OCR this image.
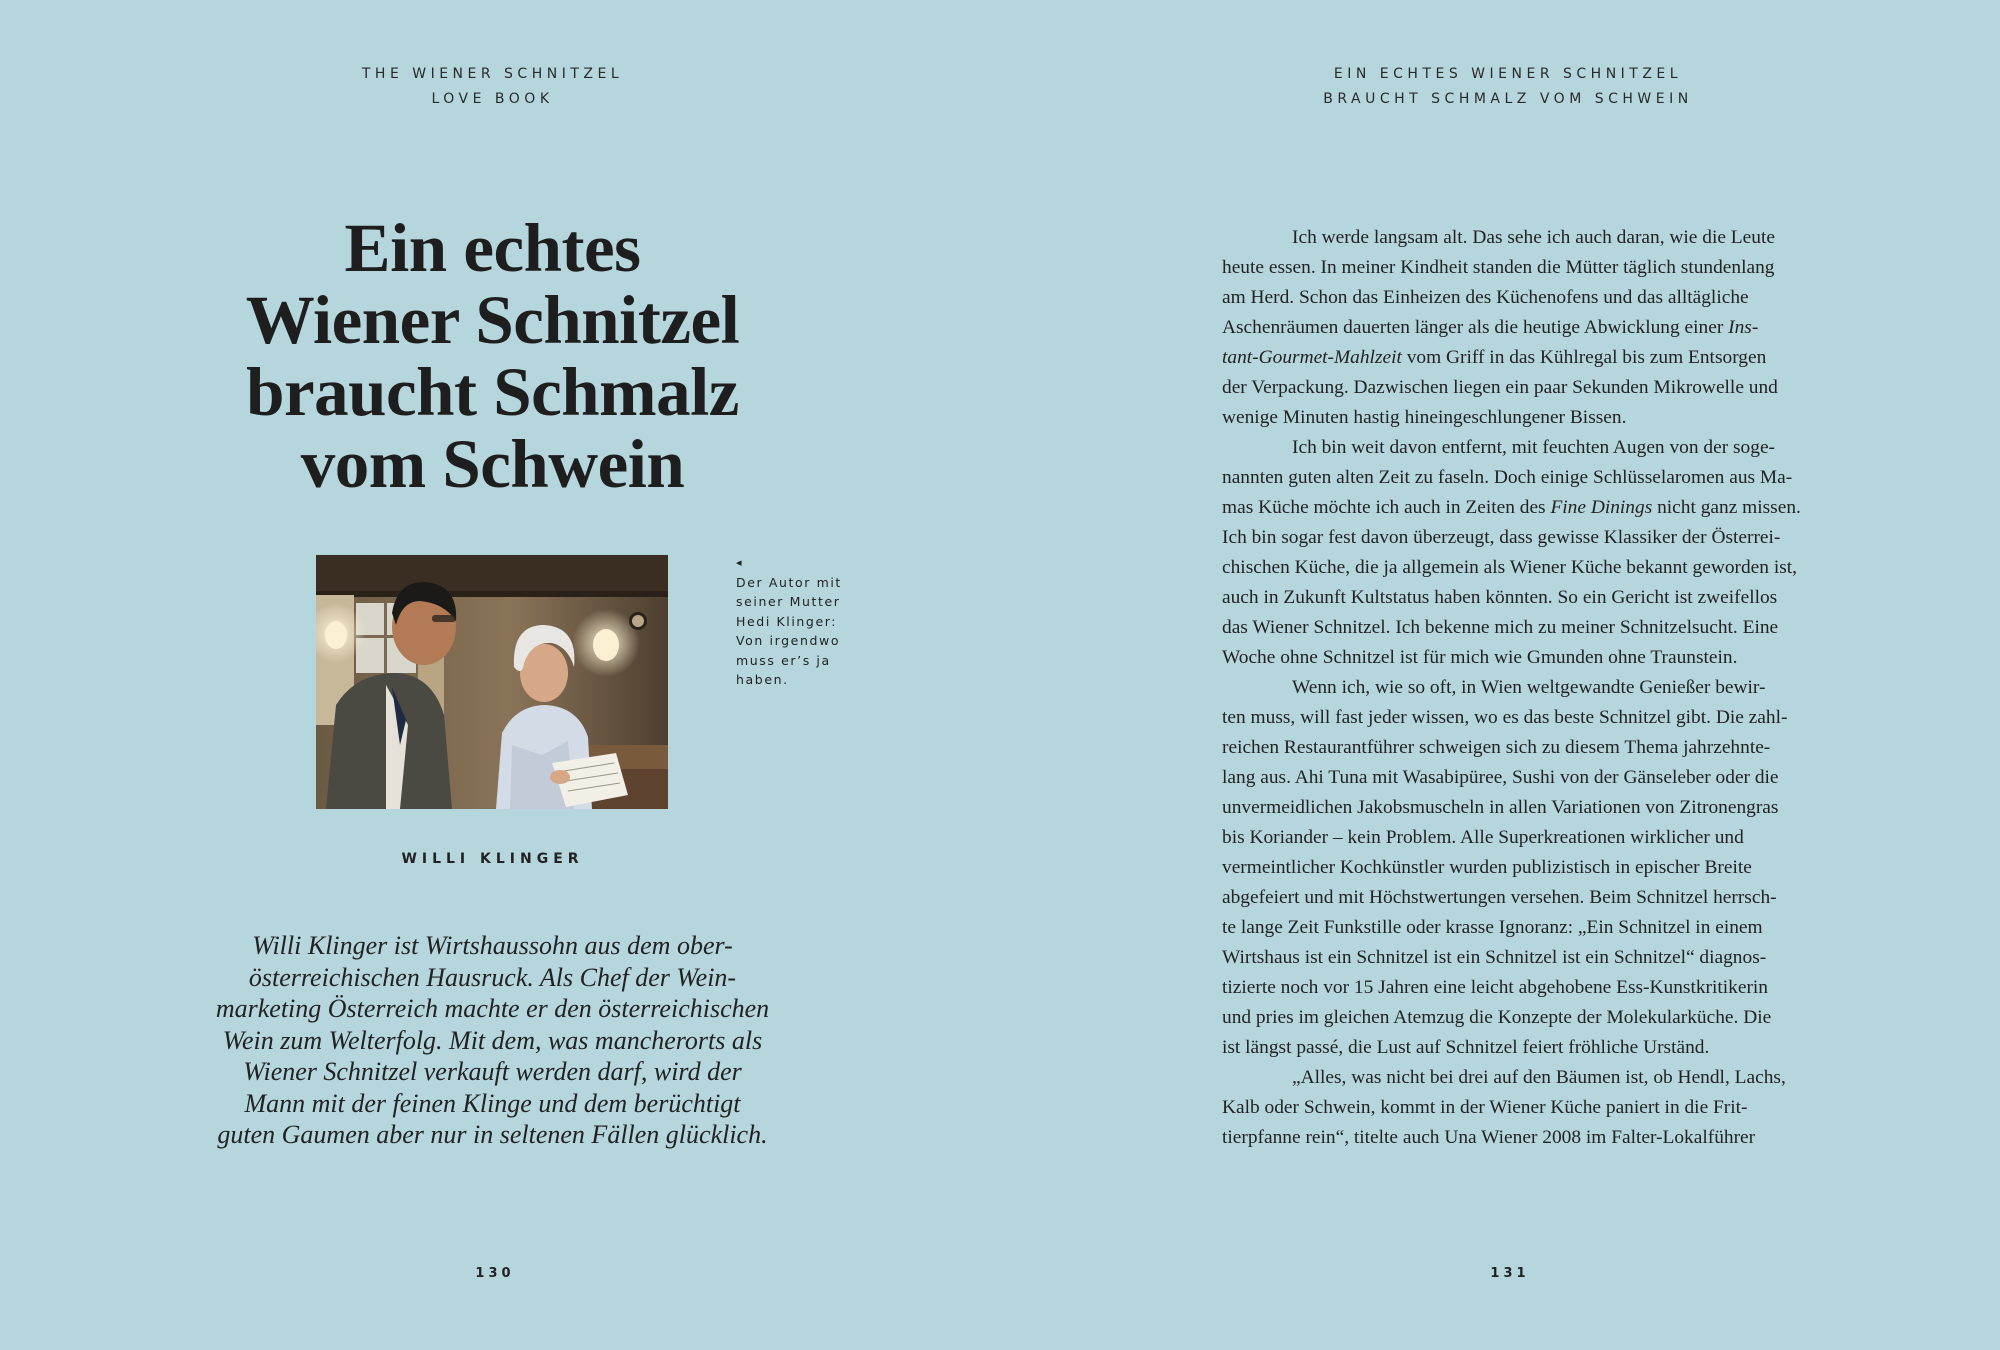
THE WIENER SCHNITZEL
LOVE BOOK
Ein echtes
Wiener Schnitzel
braucht Schmalz
vom Schwein
◂
Der Autor mit
seiner Mutter
Hedi Klinger:
Von irgendwo
muss er’s ja
haben.
WILLI KLINGER
Willi Klinger ist Wirtshaussohn aus dem ober-
österreichischen Hausruck. Als Chef der Wein-
marketing Österreich machte er den österreichischen
Wein zum Welterfolg. Mit dem, was mancherorts als
Wiener Schnitzel verkauft werden darf, wird der
Mann mit der feinen Klinge und dem berüchtigt
guten Gaumen aber nur in seltenen Fällen glücklich.
130
EIN ECHTES WIENER SCHNITZEL
BRAUCHT SCHMALZ VOM SCHWEIN
Ich werde langsam alt. Das sehe ich auch daran, wie die Leute
heute essen. In meiner Kindheit standen die Mütter täglich stundenlang
am Herd. Schon das Einheizen des Küchenofens und das alltägliche
Aschenräumen dauerten länger als die heutige Abwicklung einer Ins-
tant-Gourmet-Mahlzeit vom Griff in das Kühlregal bis zum Entsorgen
der Verpackung. Dazwischen liegen ein paar Sekunden Mikrowelle und
wenige Minuten hastig hineingeschlungener Bissen.
Ich bin weit davon entfernt, mit feuchten Augen von der soge-
nannten guten alten Zeit zu faseln. Doch einige Schlüsselaromen aus Ma-
mas Küche möchte ich auch in Zeiten des Fine Dinings nicht ganz missen.
Ich bin sogar fest davon überzeugt, dass gewisse Klassiker der Österrei-
chischen Küche, die ja allgemein als Wiener Küche bekannt geworden ist,
auch in Zukunft Kultstatus haben könnten. So ein Gericht ist zweifellos
das Wiener Schnitzel. Ich bekenne mich zu meiner Schnitzelsucht. Eine
Woche ohne Schnitzel ist für mich wie Gmunden ohne Traunstein.
Wenn ich, wie so oft, in Wien weltgewandte Genießer bewir-
ten muss, will fast jeder wissen, wo es das beste Schnitzel gibt. Die zahl-
reichen Restaurantführer schweigen sich zu diesem Thema jahrzehnte-
lang aus. Ahi Tuna mit Wasabipüree, Sushi von der Gänseleber oder die
unvermeidlichen Jakobsmuscheln in allen Variationen von Zitronengras
bis Koriander – kein Problem. Alle Superkreationen wirklicher und
vermeintlicher Kochkünstler wurden publizistisch in epischer Breite
abgefeiert und mit Höchstwertungen versehen. Beim Schnitzel herrsch-
te lange Zeit Funkstille oder krasse Ignoranz: „Ein Schnitzel in einem
Wirtshaus ist ein Schnitzel ist ein Schnitzel ist ein Schnitzel“ diagnos-
tizierte noch vor 15 Jahren eine leicht abgehobene Ess-Kunstkritikerin
und pries im gleichen Atemzug die Konzepte der Molekularküche. Die
ist längst passé, die Lust auf Schnitzel feiert fröhliche Urständ.
„Alles, was nicht bei drei auf den Bäumen ist, ob Hendl, Lachs,
Kalb oder Schwein, kommt in der Wiener Küche paniert in die Frit-
tierpfanne rein“, titelte auch Una Wiener 2008 im Falter-Lokalführer
131
